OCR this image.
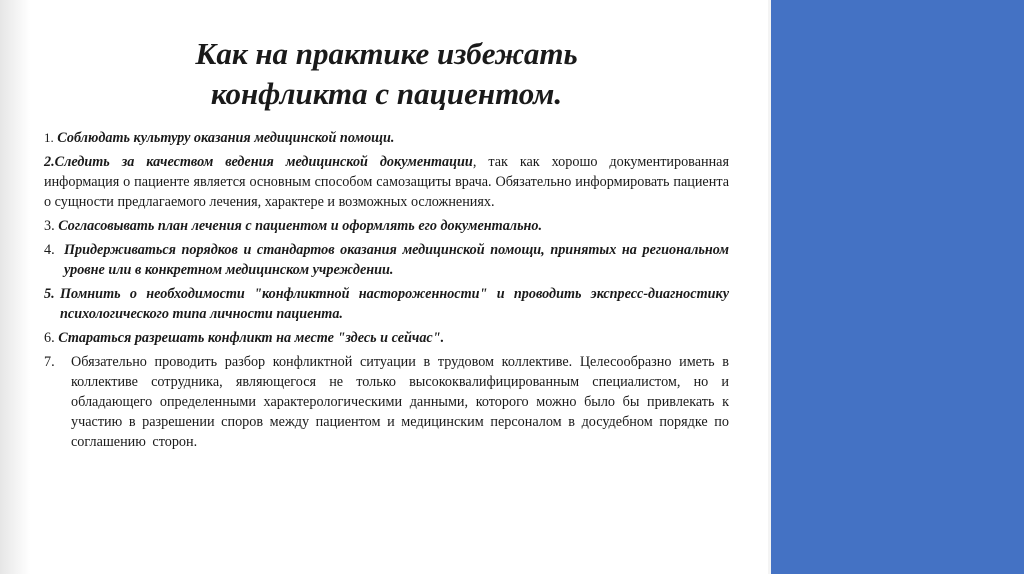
Как на практике избежать
конфликта с пациентом.
1. Соблюдать культуру оказания медицинской помощи.
2.Следить за качеством ведения медицинской документации, так как хорошо документированная информация о пациенте является основным способом самозащиты врача. Обязательно информировать пациента о сущности предлагаемого лечения, характере и возможных осложнениях.
3. Согласовывать план лечения с пациентом и оформлять его документально.
4. Придерживаться порядков и стандартов оказания медицинской помощи, принятых на региональном уровне или в конкретном медицинском учреждении.
5. Помнить о необходимости "конфликтной настороженности" и проводить экспресс-диагностику психологического типа личности пациента.
6. Стараться разрешать конфликт на месте "здесь и сейчас".
7.	Обязательно проводить разбор конфликтной ситуации в трудовом коллективе. Целесообразно иметь в коллективе сотрудника, являющегося не только высококвалифицированным специалистом, но и обладающего определенными характерологическими данными, которого можно было бы привлекать к участию в разрешении споров между пациентом и медицинским персоналом в досудебном порядке по соглашению сторон.
